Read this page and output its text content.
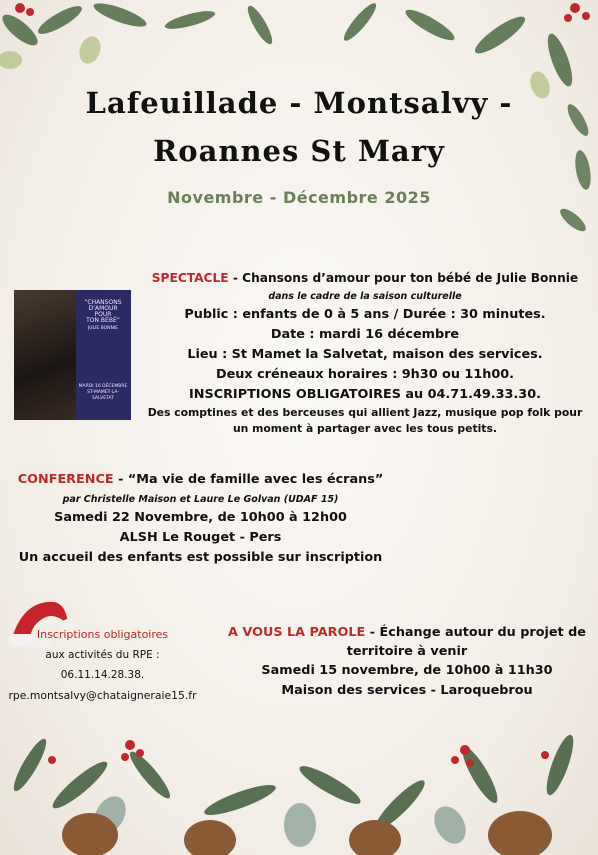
Lafeuillade - Montsalvy -
Roannes St Mary
Novembre - Décembre 2025
“CHANSONS
D’AMOUR
POUR
TON BÉBÉ”
JULIE BONNIE
MARDI 16 DÉCEMBRE
ST-MAMET-LA-SALVETAT
SPECTACLE - Chansons d’amour pour ton bébé de Julie Bonnie
dans le cadre de la saison culturelle
Public : enfants de 0 à 5 ans / Durée : 30 minutes.
Date : mardi 16 décembre
Lieu : St Mamet la Salvetat, maison des services.
Deux créneaux horaires : 9h30 ou 11h00.
INSCRIPTIONS OBLIGATOIRES au 04.71.49.33.30.
Des comptines et des berceuses qui allient Jazz, musique pop folk pour
un moment à partager avec les tous petits.
CONFERENCE - “Ma vie de famille avec les écrans”
par Christelle Maison et Laure Le Golvan (UDAF 15)
Samedi 22 Novembre, de 10h00 à 12h00
ALSH Le Rouget - Pers
Un accueil des enfants est possible sur inscription
Inscriptions obligatoires
aux activités du RPE :
06.11.14.28.38.
rpe.montsalvy@chataigneraie15.fr
A VOUS LA PAROLE - Échange autour du projet de
territoire à venir
Samedi 15 novembre, de 10h00 à 11h30
Maison des services - Laroquebrou
